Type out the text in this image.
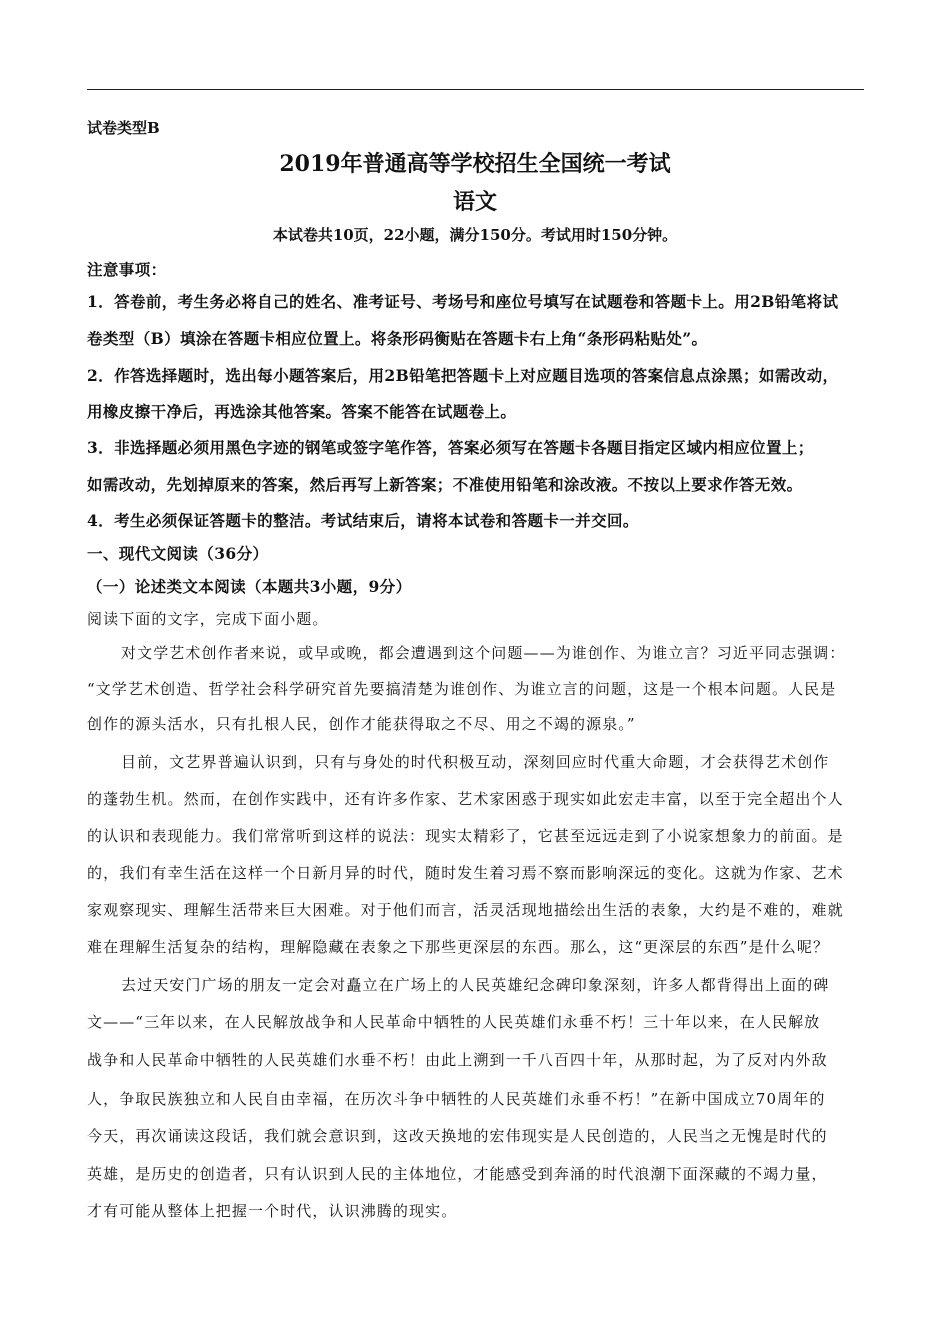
试卷类型B
2019年普通高等学校招生全国统一考试
语文
本试卷共10页，22小题，满分150分。考试用时150分钟。
注意事项：
1．答卷前，考生务必将自己的姓名、准考证号、考场号和座位号填写在试题卷和答题卡上。用2B铅笔将试
卷类型（B）填涂在答题卡相应位置上。将条形码衡贴在答题卡右上角“条形码粘贴处”。
2．作答选择题时，选出每小题答案后，用2B铅笔把答题卡上对应题目选项的答案信息点涂黑；如需改动，
用橡皮擦干净后，再选涂其他答案。答案不能答在试题卷上。
3．非选择题必须用黑色字迹的钢笔或签字笔作答，答案必须写在答题卡各题目指定区域内相应位置上；
如需改动，先划掉原来的答案，然后再写上新答案；不准使用铅笔和涂改液。不按以上要求作答无效。
4．考生必须保证答题卡的整洁。考试结束后，请将本试卷和答题卡一并交回。
一、现代文阅读（36分）
（一）论述类文本阅读（本题共3小题，9分）
阅读下面的文字，完成下面小题。
对文学艺术创作者来说，或早或晚，都会遭遇到这个问题——为谁创作、为谁立言？习近平同志强调：
“文学艺术创造、哲学社会科学研究首先要搞清楚为谁创作、为谁立言的问题，这是一个根本问题。人民是
创作的源头活水，只有扎根人民，创作才能获得取之不尽、用之不竭的源泉。”
目前，文艺界普遍认识到，只有与身处的时代积极互动，深刻回应时代重大命题，才会获得艺术创作
的蓬勃生机。然而，在创作实践中，还有许多作家、艺术家困惑于现实如此宏走丰富，以至于完全超出个人
的认识和表现能力。我们常常听到这样的说法：现实太精彩了，它甚至远远走到了小说家想象力的前面。是
的，我们有幸生活在这样一个日新月异的时代，随时发生着习焉不察而影响深远的变化。这就为作家、艺术
家观察现实、理解生活带来巨大困难。对于他们而言，活灵活现地描绘出生活的表象，大约是不难的，难就
难在理解生活复杂的结构，理解隐藏在表象之下那些更深层的东西。那么，这“更深层的东西”是什么呢？
去过天安门广场的朋友一定会对矗立在广场上的人民英雄纪念碑印象深刻，许多人都背得出上面的碑
文——“三年以来，在人民解放战争和人民革命中牺牲的人民英雄们永垂不朽！三十年以来，在人民解放
战争和人民革命中牺牲的人民英雄们水垂不朽！由此上溯到一千八百四十年，从那时起，为了反对内外敌
人，争取民族独立和人民自由幸福，在历次斗争中牺牲的人民英雄们永垂不朽！”在新中国成立70周年的
今天，再次诵读这段话，我们就会意识到，这改天换地的宏伟现实是人民创造的，人民当之无愧是时代的
英雄，是历史的创造者，只有认识到人民的主体地位，才能感受到奔涌的时代浪潮下面深藏的不竭力量，
才有可能从整体上把握一个时代，认识沸腾的现实。
